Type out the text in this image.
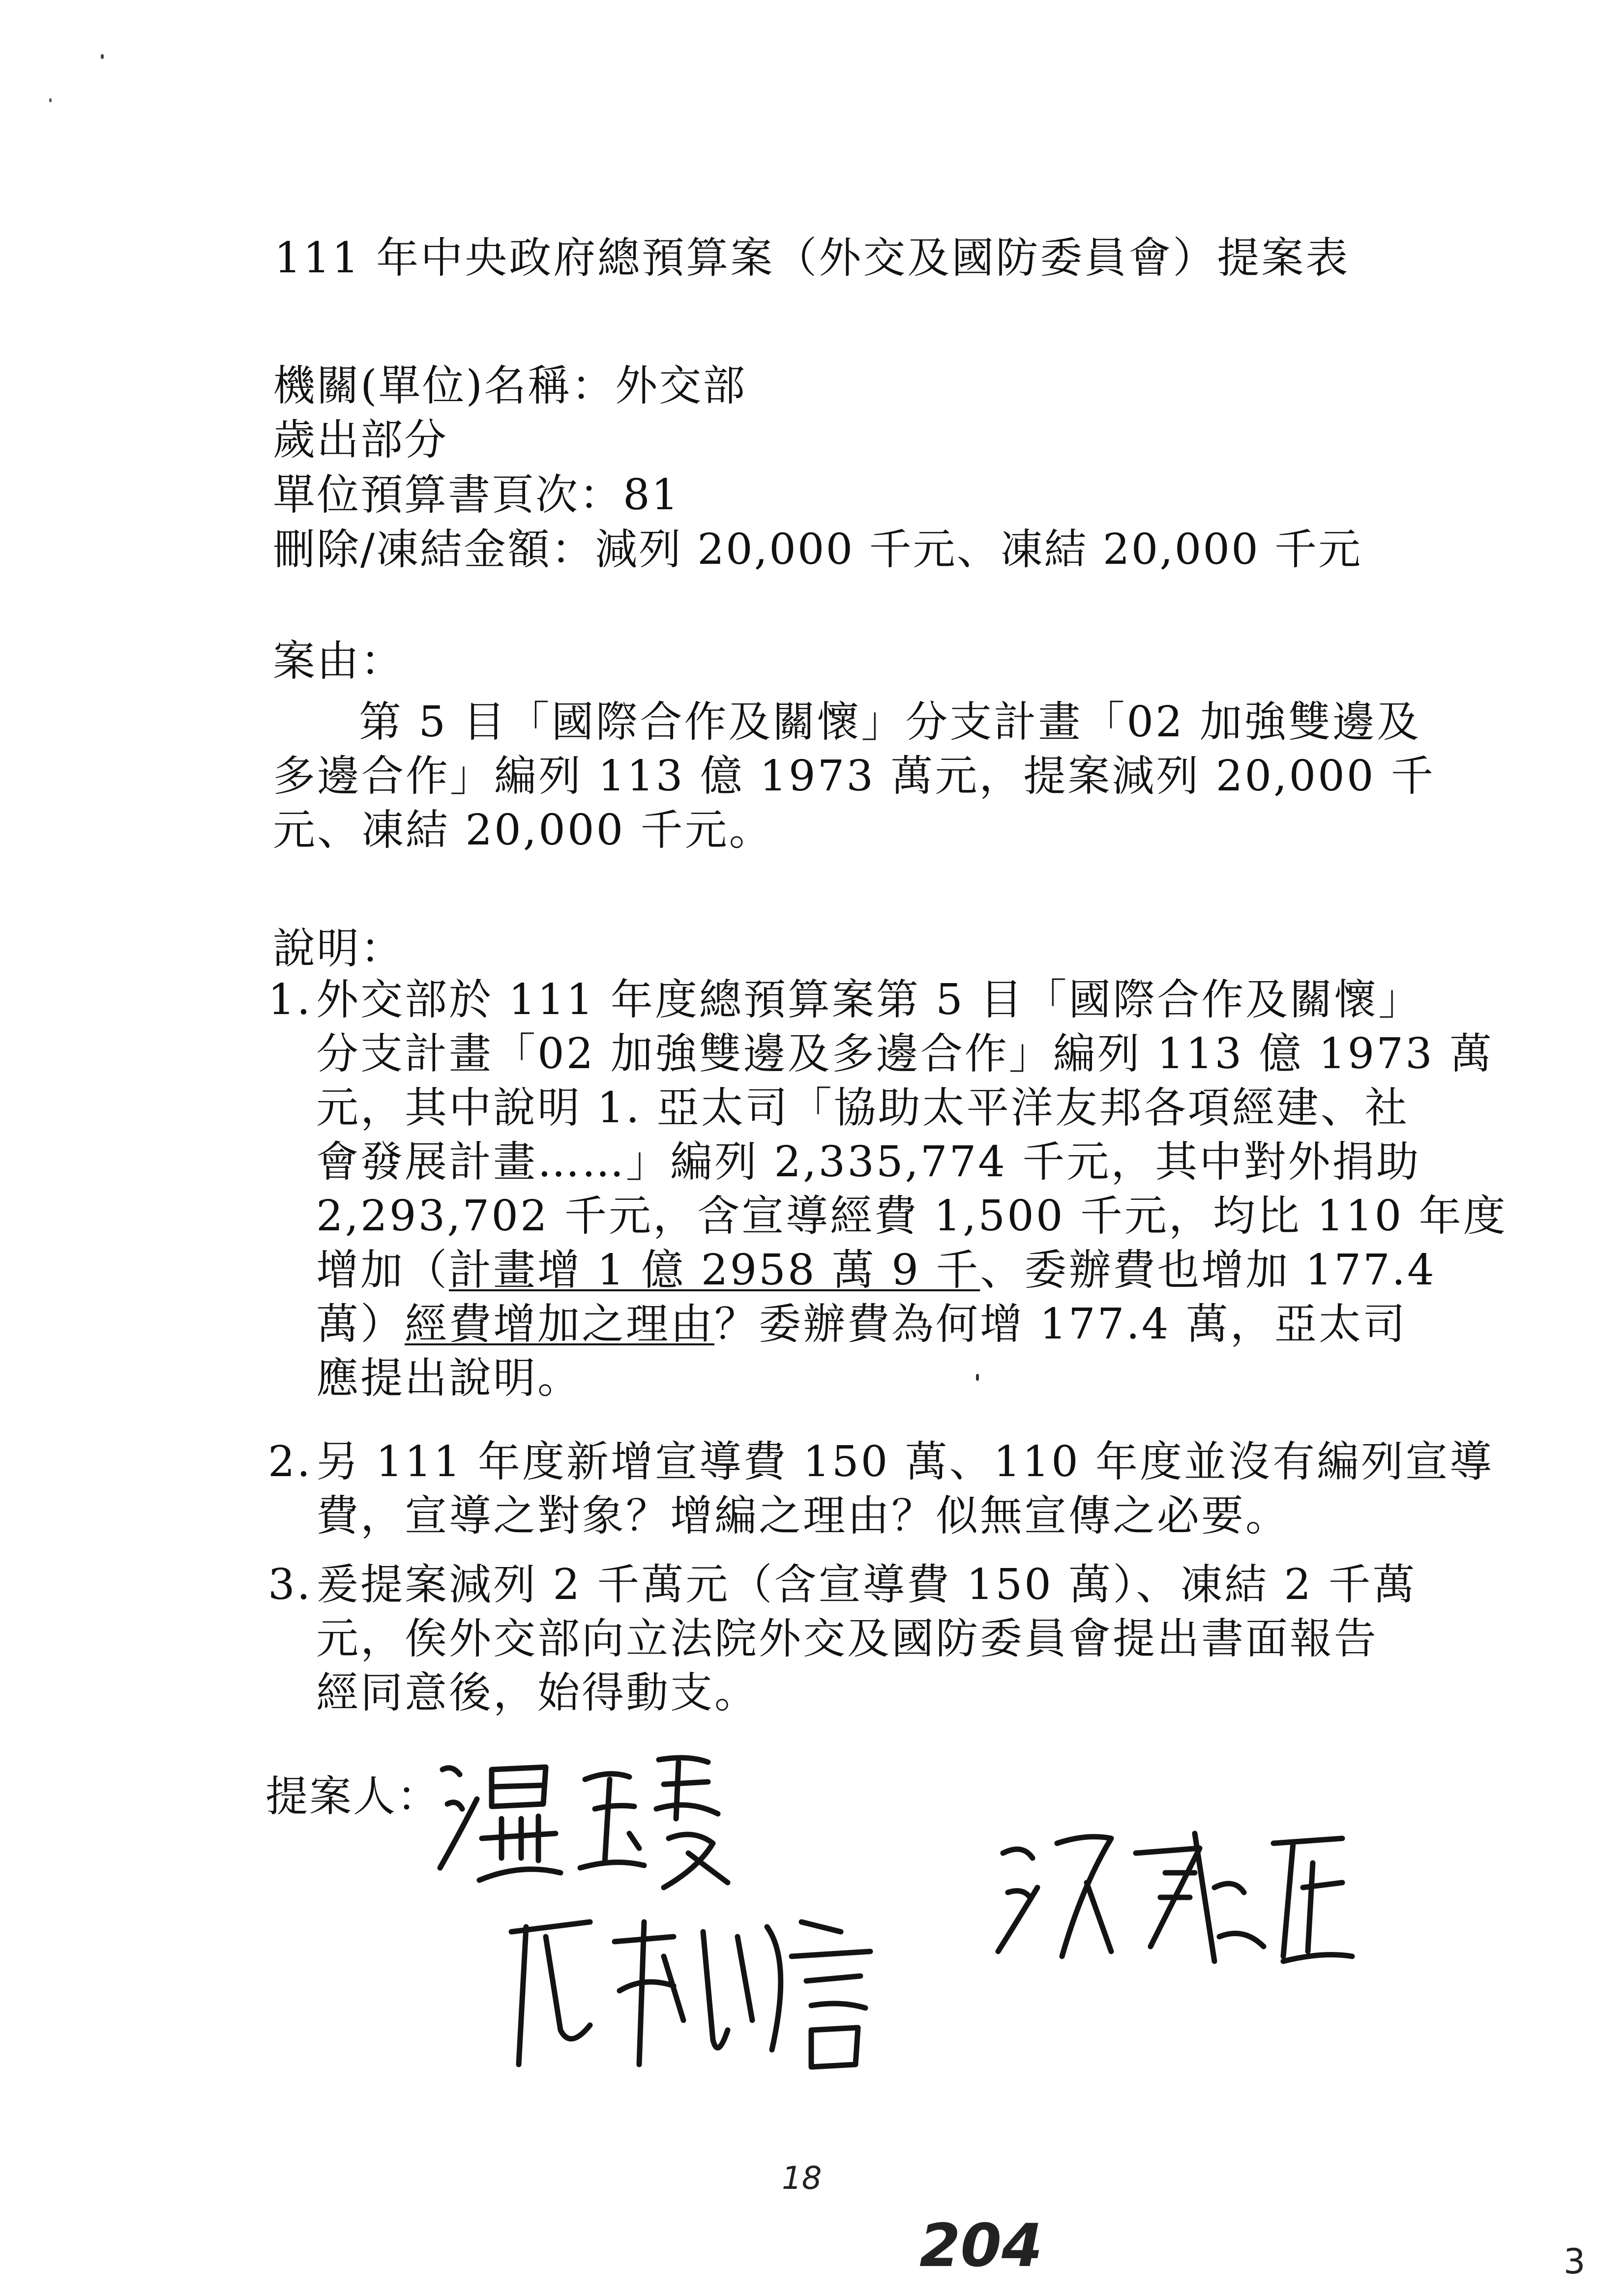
111 年中央政府總預算案（外交及國防委員會）提案表
機關(單位)名稱：外交部
歲出部分
單位預算書頁次：81
刪除/凍結金額：減列 20,000 千元、凍結 20,000 千元
案由：
第 5 目「國際合作及關懷」分支計畫「02 加強雙邊及
多邊合作」編列 113 億 1973 萬元，提案減列 20,000 千
元、凍結 20,000 千元。
說明：
1. 外交部於 111 年度總預算案第 5 目「國際合作及關懷」
分支計畫「02 加強雙邊及多邊合作」編列 113 億 1973 萬
元，其中說明 1. 亞太司「協助太平洋友邦各項經建、社
會發展計畫……」編列 2,335,774 千元，其中對外捐助
2,293,702 千元，含宣導經費 1,500 千元，均比 110 年度
增加（計畫增 1 億 2958 萬 9 千、委辦費也增加 177.4
萬）經費增加之理由？委辦費為何增 177.4 萬，亞太司
應提出說明。
2. 另 111 年度新增宣導費 150 萬、110 年度並沒有編列宣導
費，宣導之對象？增編之理由？似無宣傳之必要。
3. 爰提案減列 2 千萬元（含宣導費 150 萬）、凍結 2 千萬
元，俟外交部向立法院外交及國防委員會提出書面報告
經同意後，始得動支。
提案人：
18
204	3
